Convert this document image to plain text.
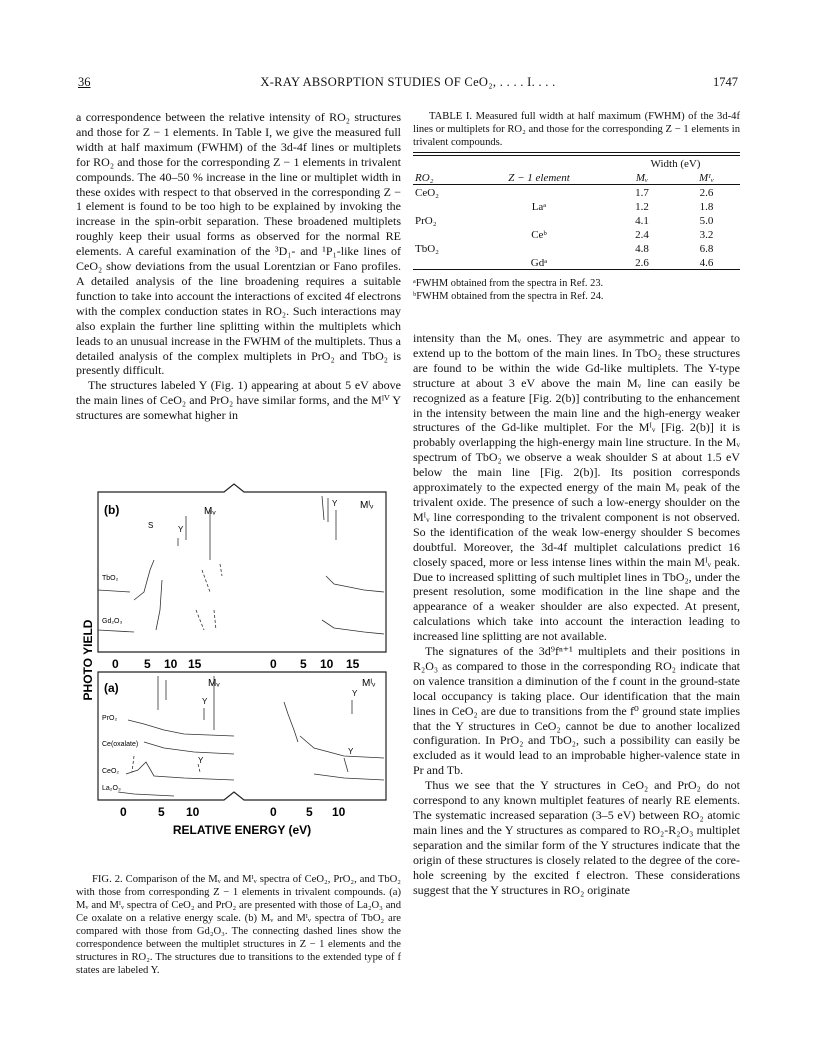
36	X-RAY ABSORPTION STUDIES OF CeO₂, . . . . I. . . .	1747

a correspondence between the relative intensity of RO₂ structures and those for Z − 1 elements. In Table I, we give the measured full width at half maximum (FWHM) of the 3d-4f lines or multiplets for RO₂ and those for the corresponding Z − 1 elements in trivalent compounds. The 40–50 % increase in the line or multiplet width in these oxides with respect to that observed in the corresponding Z − 1 element is found to be too high to be explained by invoking the increase in the spin-orbit separation. These broadened multiplets roughly keep their usual forms as observed for the normal RE elements. A careful examination of the ³D₁- and ¹P₁-like lines of CeO₂ show deviations from the usual Lorentzian or Fano profiles. A detailed analysis of the line broadening requires a suitable function to take into account the interactions of excited 4f electrons with the complex conduction states in RO₂. Such interactions may also explain the further line splitting within the multiplets which leads to an unusual increase in the FWHM of the multiplets. Thus a detailed analysis of the complex multiplets in PrO₂ and TbO₂ is presently difficult.

The structures labeled Y (Fig. 1) appearing at about 5 eV above the main lines of CeO₂ and PrO₂ have similar forms, and the Mᴵⱽ Y structures are somewhat higher in

TABLE I. Measured full width at half maximum (FWHM) of the 3d-4f lines or multiplets for RO₂ and those for the corresponding Z − 1 elements in trivalent compounds.
		Width (eV)	
RO₂	Z − 1 element	Mᵥ	Mᴵᵥ
CeO₂		1.7	2.6
	Laᵃ	1.2	1.8
PrO₂		4.1	5.0
	Ceᵇ	2.4	3.2
TbO₂		4.8	6.8
	Gdᵃ	2.6	4.6
ᵃFWHM obtained from the spectra in Ref. 23.
ᵇFWHM obtained from the spectra in Ref. 24.

intensity than the Mᵥ ones. They are asymmetric and appear to extend up to the bottom of the main lines. In TbO₂ these structures are found to be within the wide Gd-like multiplets. The Y-type structure at about 3 eV above the main Mᵥ line can easily be recognized as a feature [Fig. 2(b)] contributing to the enhancement in the intensity between the main line and the high-energy weaker structures of the Gd-like multiplet. For the Mᴵᵥ [Fig. 2(b)] it is probably overlapping the high-energy main line structure. In the Mᵥ spectrum of TbO₂ we observe a weak shoulder S at about 1.5 eV below the main line [Fig. 2(b)]. Its position corresponds approximately to the expected energy of the main Mᵥ peak of the trivalent oxide. The presence of such a low-energy shoulder on the Mᴵᵥ line corresponding to the trivalent component is not observed. So the identification of the weak low-energy shoulder S becomes doubtful. Moreover, the 3d-4f multiplet calculations predict 16 closely spaced, more or less intense lines within the main Mᴵᵥ peak. Due to increased splitting of such multiplet lines in TbO₂, under the present resolution, some modification in the line shape and the appearance of a weaker shoulder are also expected. At present, calculations which take into account the interaction leading to increased line splitting are not available.

The signatures of the 3d⁹fⁿ⁺¹ multiplets and their positions in R₂O₃ as compared to those in the corresponding RO₂ indicate that on valence transition a diminution of the f count in the ground-state local occupancy is taking place. Our identification that the main lines in CeO₂ are due to transitions from the f⁰ ground state implies that the Y structures in CeO₂ cannot be due to another localized configuration. In PrO₂ and TbO₂, such a possibility can easily be excluded as it would lead to an improbable higher-valence state in Pr and Tb.

Thus we see that the Y structures in CeO₂ and PrO₂ do not correspond to any known multiplet features of nearly RE elements. The systematic increased separation (3–5 eV) between RO₂ atomic main lines and the Y structures as compared to RO₂-R₂O₃ multiplet separation and the similar form of the Y structures indicate that the origin of these structures is closely related to the degree of the core-hole screening by the excited f electron. These considerations suggest that the Y structures in RO₂ originate

PHOTO YIELD
(b)	Mᵥ
Mᴵᵥ
S	Y
Y
TbO₂
Gd₂O₃
0 5 10 15	0 5 10 15
(a)	Mᵥ	Mᴵᵥ
Y
Y
Y
Y
PrO₂
Ce(oxalate)
CeO₂
La₂O₃
0	5 10	0 5 10
RELATIVE ENERGY (eV)
FIG. 2. Comparison of the Mᵥ and Mᴵᵥ spectra of CeO₂, PrO₂, and TbO₂ with those from corresponding Z − 1 elements in trivalent compounds. (a) Mᵥ and Mᴵᵥ spectra of CeO₂ and PrO₂ are presented with those of La₂O₃ and Ce oxalate on a relative energy scale. (b) Mᵥ and Mᴵᵥ spectra of TbO₂ are compared with those from Gd₂O₃. The connecting dashed lines show the correspondence between the multiplet structures in Z − 1 elements and the structures in RO₂. The structures due to transitions to the extended type of f states are labeled Y.
